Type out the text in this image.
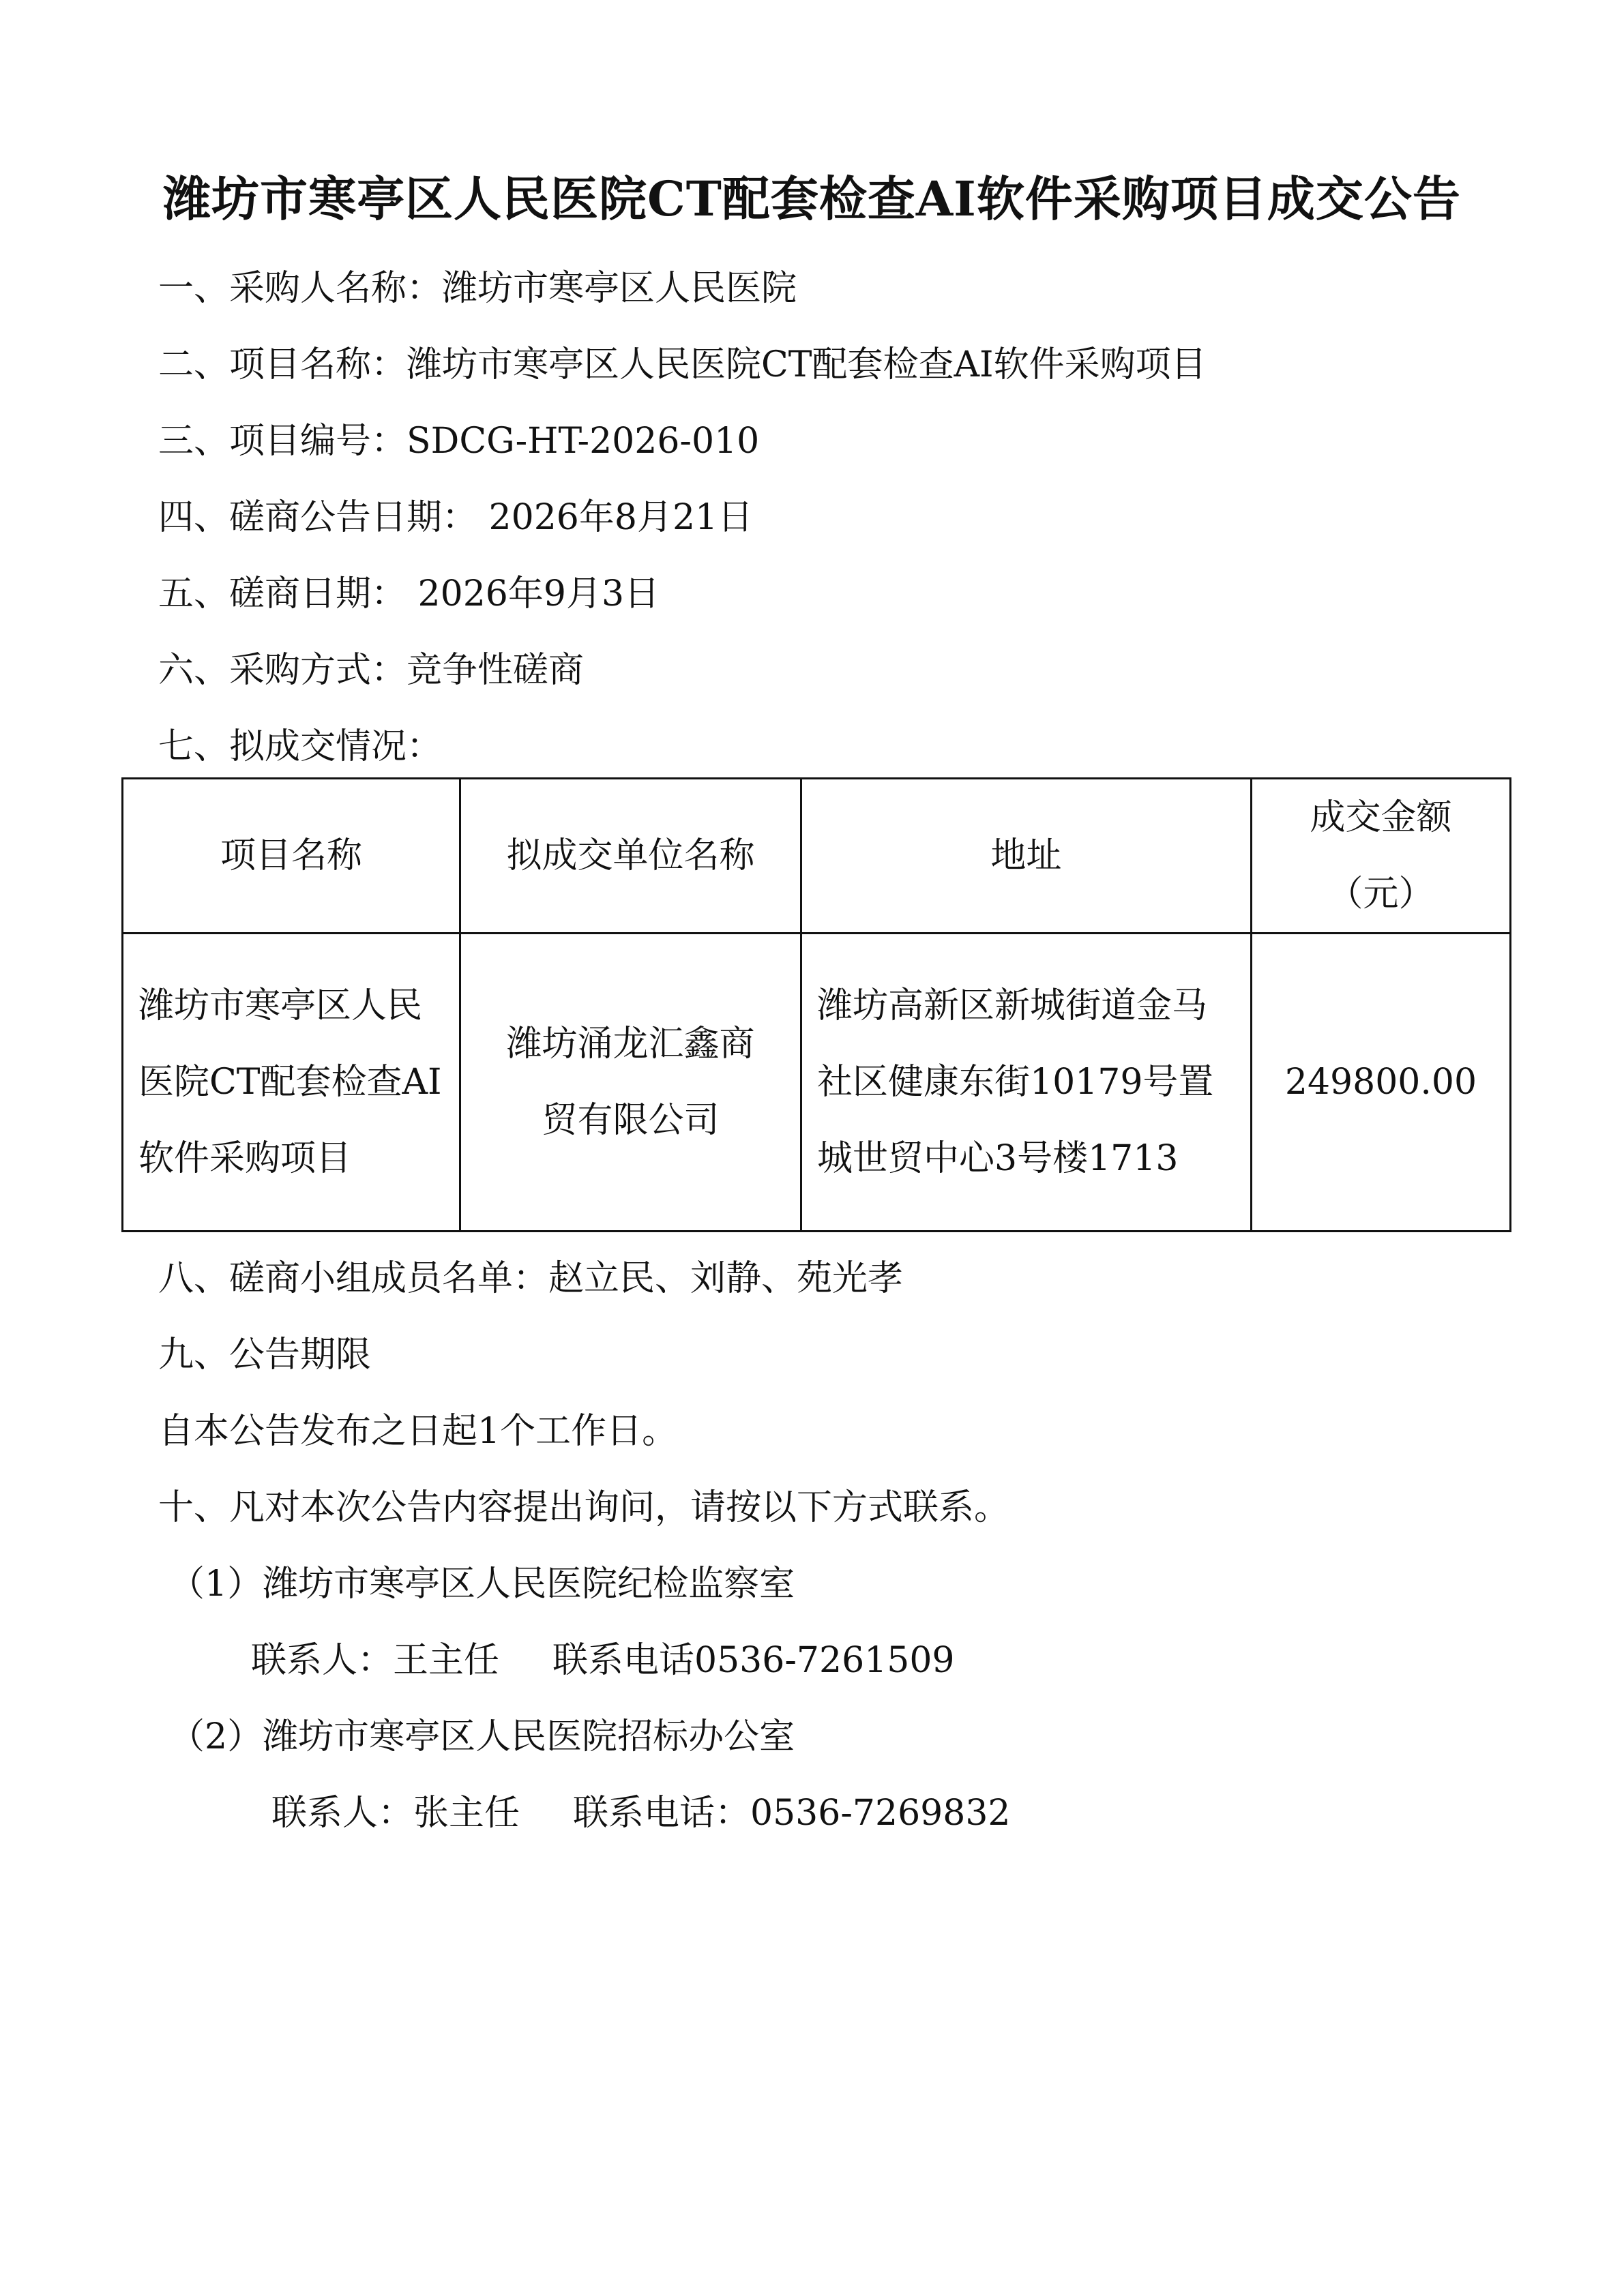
潍坊市寒亭区人民医院CT配套检查AI软件采购项目成交公告
一、采购人名称：潍坊市寒亭区人民医院
二、项目名称：潍坊市寒亭区人民医院CT配套检查AI软件采购项目
三、项目编号：SDCG-HT-2026-010
四、磋商公告日期： 2026年8月21日
五、磋商日期： 2026年9月3日
六、采购方式：竞争性磋商
七、拟成交情况：
项目名称	拟成交单位名称	地址	成交金额
（元）

潍坊市寒亭区人民医院CT配套检查AI软件采购项目	潍坊涌龙汇鑫商贸有限公司	潍坊高新区新城街道金马社区健康东街10179号置城世贸中心3号楼1713	249800.00
八、磋商小组成员名单：赵立民、刘静、苑光孝
九、公告期限
自本公告发布之日起1个工作日。
十、凡对本次公告内容提出询问，请按以下方式联系。
（1）潍坊市寒亭区人民医院纪检监察室
联系人：王主任 联系电话0536-7261509
（2）潍坊市寒亭区人民医院招标办公室
联系人：张主任 联系电话：0536-7269832
